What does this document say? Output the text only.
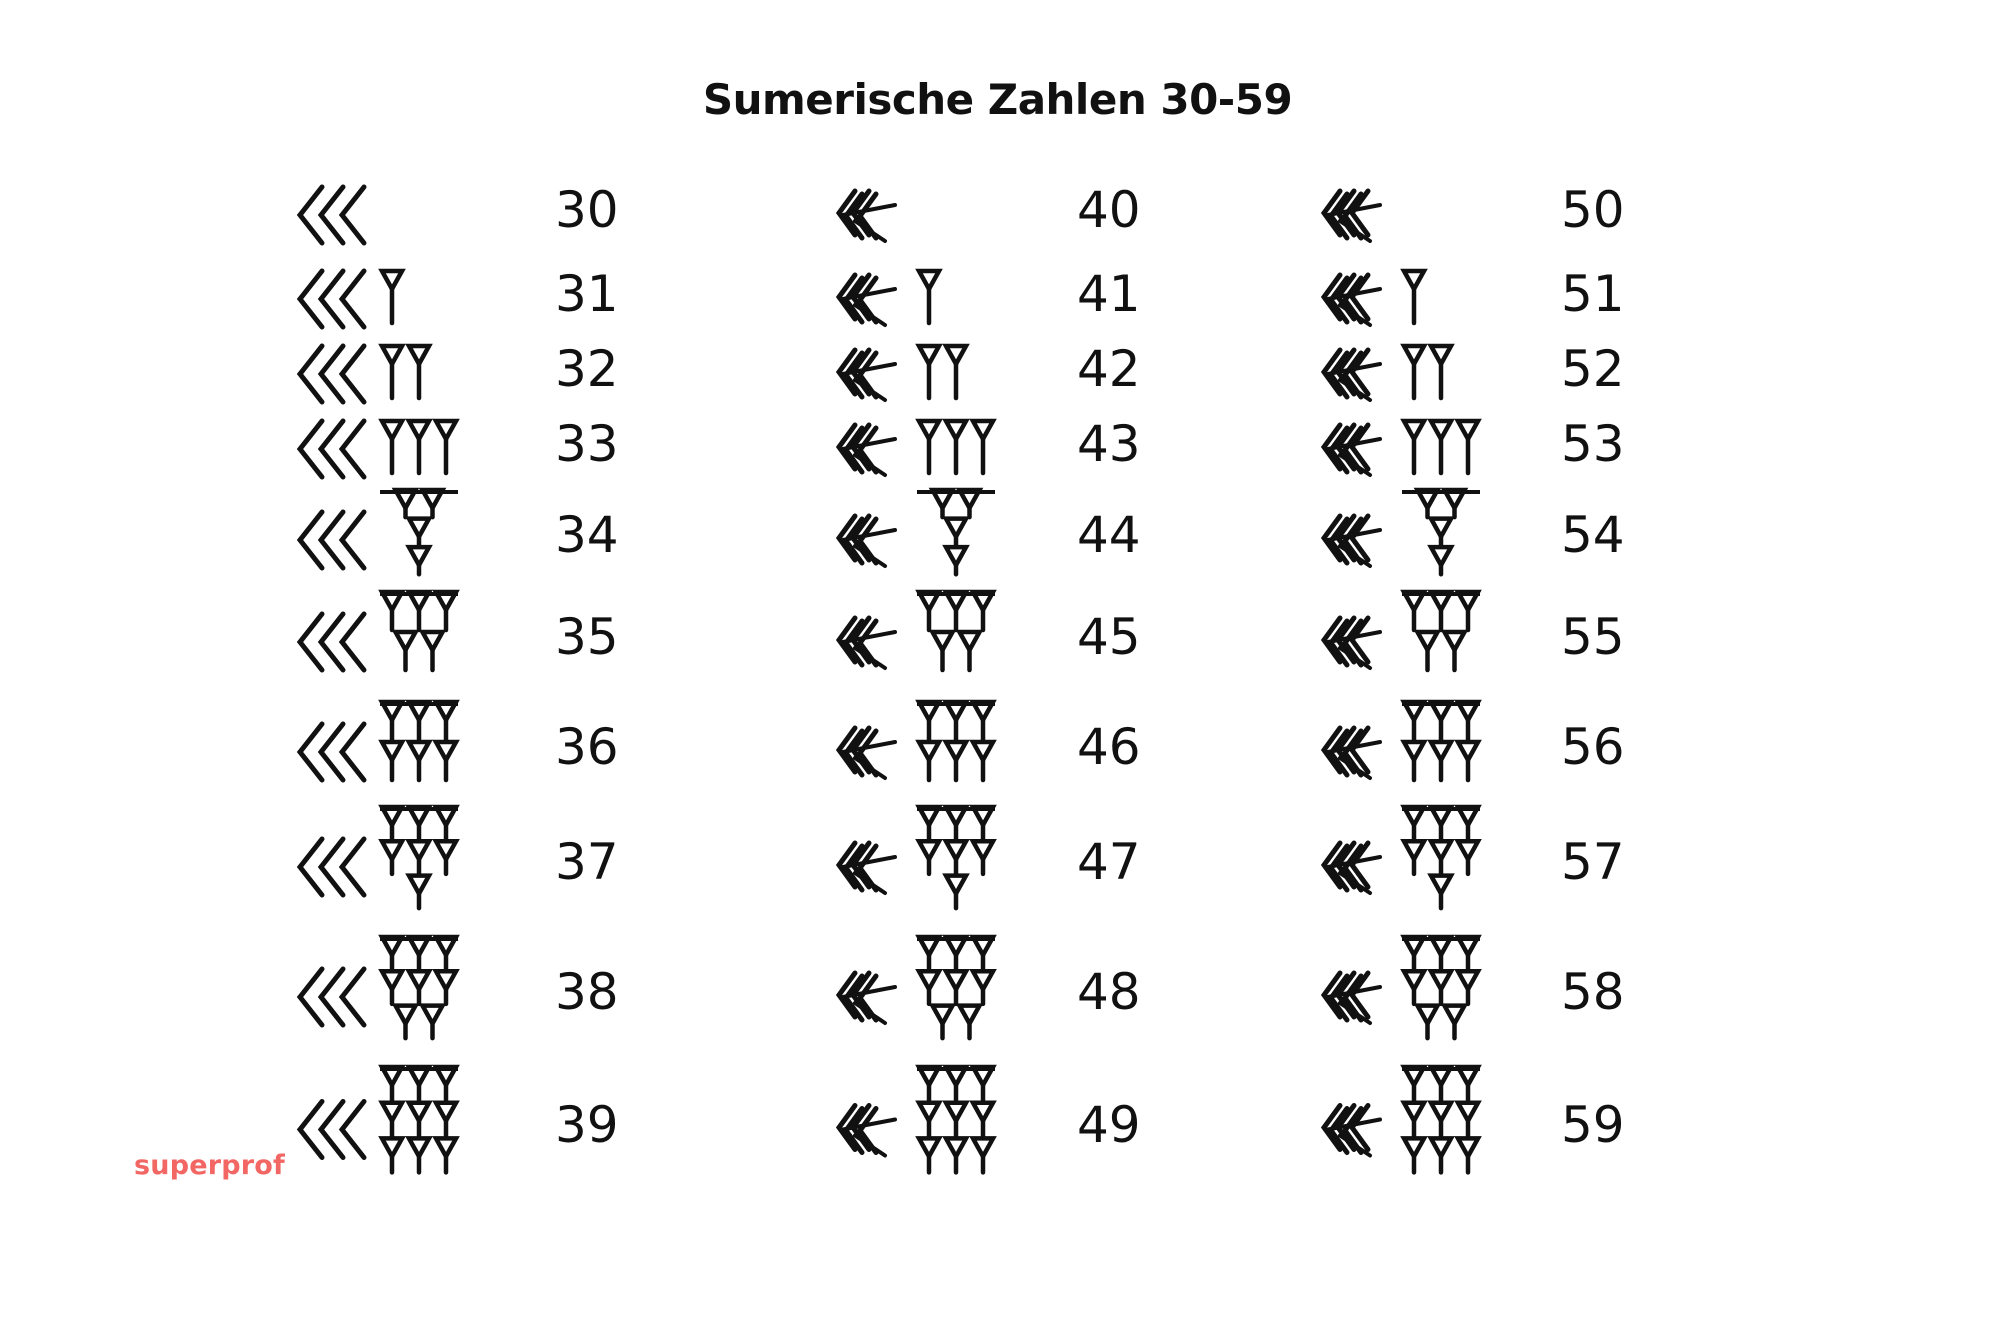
Sumerische Zahlen 30-59
30
31
32
33
34
35
36
37
38
39
40
41
42
43
44
45
46
47
48
49
50
51
52
53
54
55
56
57
58
59
superprof
